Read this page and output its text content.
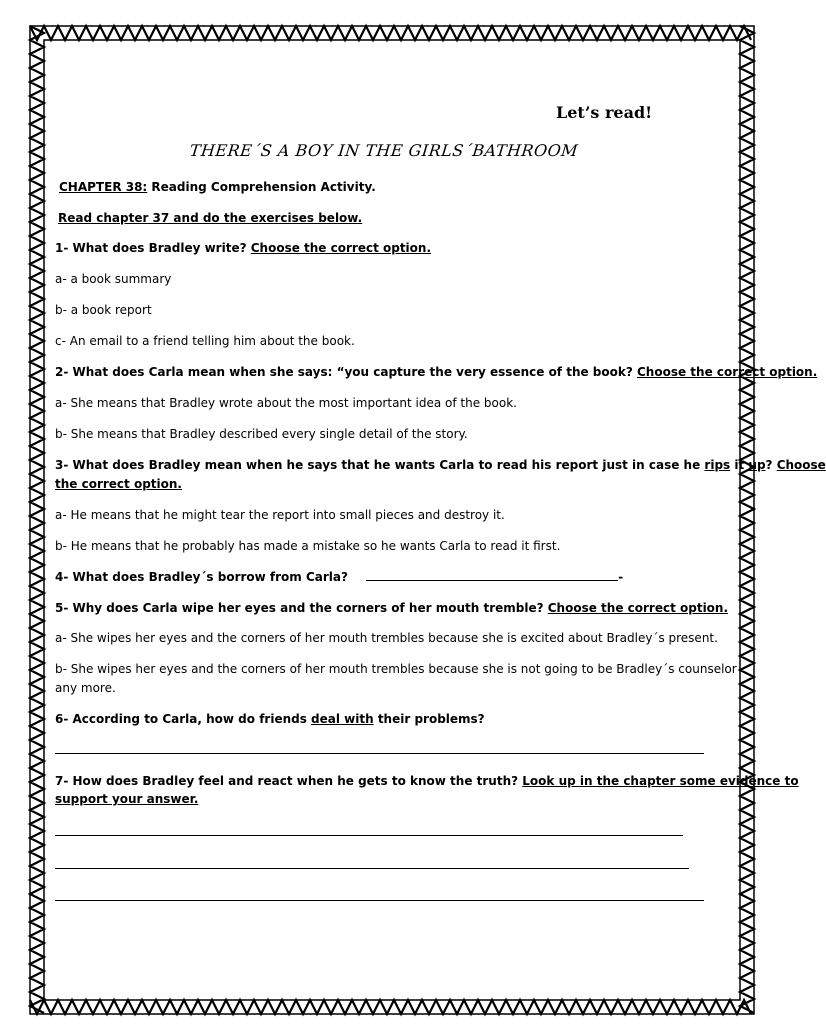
Let’s read!
THERE´S A BOY IN THE GIRLS´BATHROOM
CHAPTER 38: Reading Comprehension Activity.
Read chapter 37 and do the exercises below.
1- What does Bradley write? Choose the correct option.
a- a book summary
b- a book report
c- An email to a friend telling him about the book.
2- What does Carla mean when she says: “you capture the very essence of the book? Choose the correct option.
a- She means that Bradley wrote about the most important idea of the book.
b- She means that Bradley described every single detail of the story.
3- What does Bradley mean when he says that he wants Carla to read his report just in case he rips it up? Choose
the correct option.
a- He means that he might tear the report into small pieces and destroy it.
b- He means that he probably has made a mistake so he wants Carla to read it first.
4- What does Bradley´s borrow from Carla?	-
5- Why does Carla wipe her eyes and the corners of her mouth tremble? Choose the correct option.
a- She wipes her eyes and the corners of her mouth trembles because she is excited about Bradley´s present.
b- She wipes her eyes and the corners of her mouth trembles because she is not going to be Bradley´s counselor
any more.
6- According to Carla, how do friends deal with their problems?
7- How does Bradley feel and react when he gets to know the truth? Look up in the chapter some evidence to
support your answer.
